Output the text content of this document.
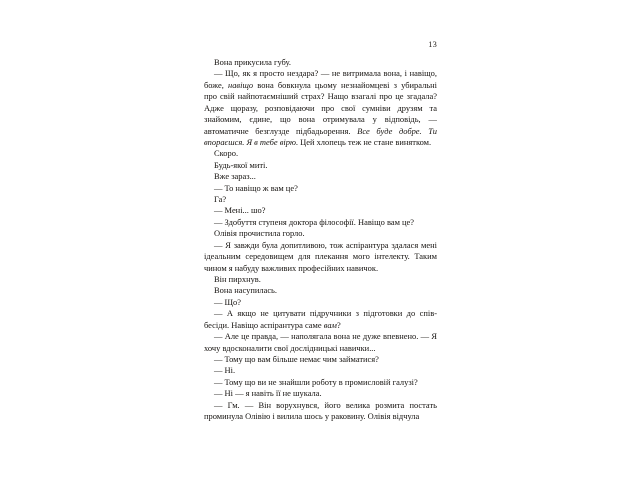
13

Вона прикусила губу.

— Що, як я просто нездара? — не витримала вона, і навіщо, боже, навіщо вона бовкнула цьому незнайомцеві з убиральні про свій найпотаємніший страх? Нащо взагалі про це згадала? Адже щоразу, розповідаючи про свої сумніви друзям та знайомим, єдине, що вона отримувала у відповідь, — автоматичне безглузде підбадьорення. Все буде добре. Ти впораєшся. Я в тебе вірю. Цей хлопець теж не стане винятком.

Скоро.

Будь-якої миті.

Вже зараз...

— То навіщо ж вам це?

Га?

— Мені... шо?

— Здобуття ступеня доктора філософії. Навіщо вам це?

Олівія прочистила горло.

— Я завжди була допитливою, тож аспірантура здалася мені ідеальним середовищем для плекання мого інтелекту. Таким чином я набуду важливих професійних навичок.

Він пирхнув.

Вона насупилась.

— Що?

— А якщо не цитувати підручники з підготовки до співбесіди. Навіщо аспірантура саме вам?

— Але це правда, — наполягала вона не дуже впевнено. — Я хочу вдосконалити свої дослідницькі навички...

— Тому що вам більше немає чим займатися?

— Ні.

— Тому що ви не знайшли роботу в промисловій галузі?

— Ні — я навіть її не шукала.

— Гм. — Він ворухнувся, його велика розмита постать проминула Олівію і вилила шось у раковину. Олівія відчула
